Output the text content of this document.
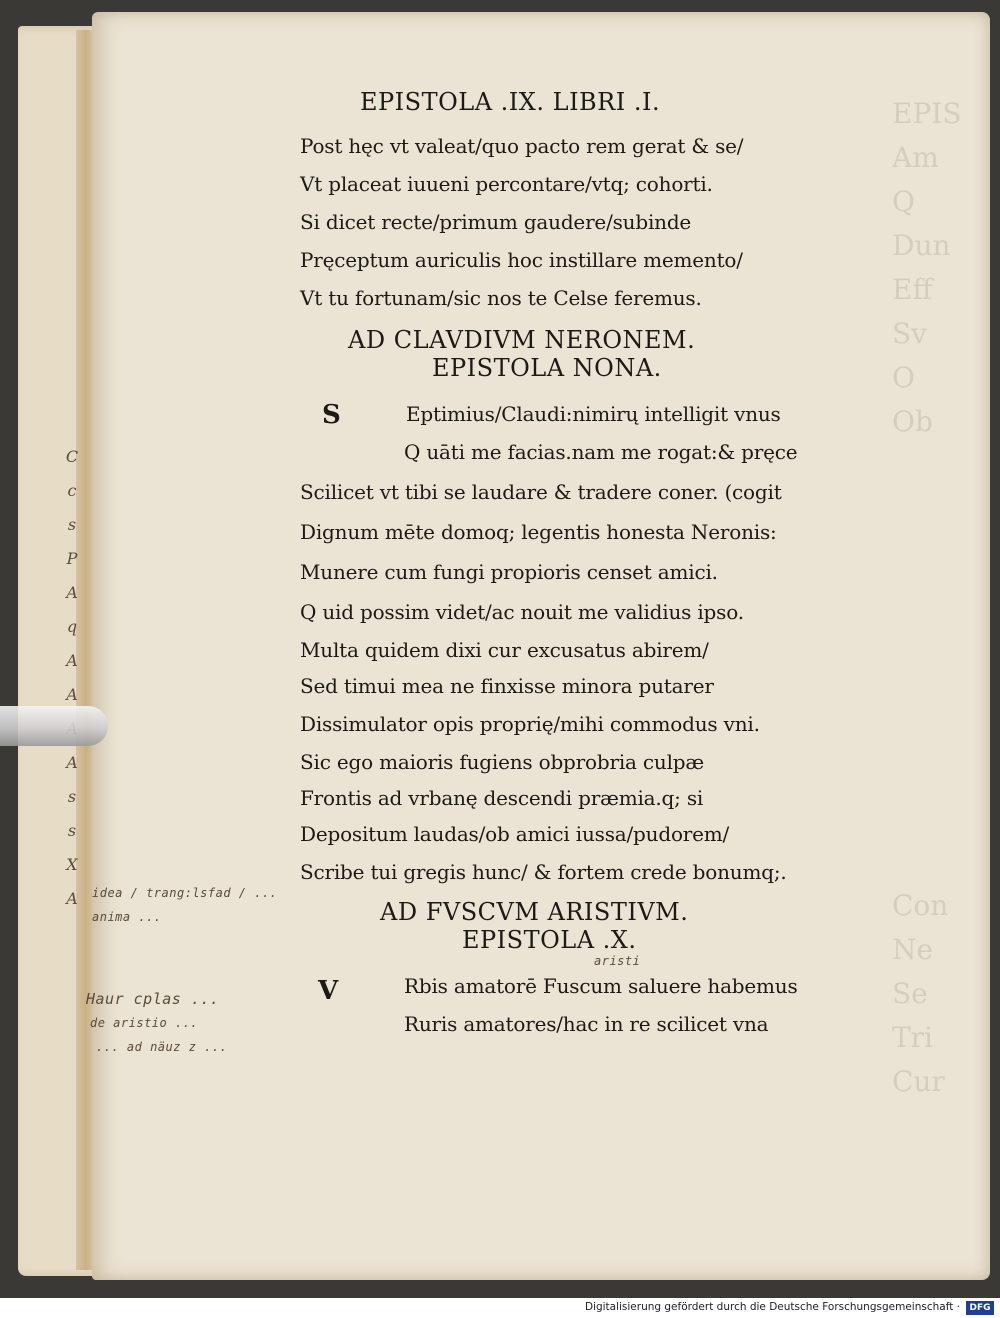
EPIS
Am
Q
Dun
Eff
Sv
O
Ob

Con
Ne
Se
Tri
Cur
C
c
s
P
A
q
A
A
A
s
s
X
A
EPISTOLA .IX. LIBRI .I.
Post hęc vt valeat/quo pacto rem gerat & se/
Vt placeat iuueni percontare/vtq; cohorti.
Si dicet recte/primum gaudere/subinde
Pręceptum auriculis hoc instillare memento/
Vt tu fortunam/sic nos te Celse feremus.
AD CLAVDIVM NERONEM.
EPISTOLA NONA.
S	Eptimius/Claudi:nimirų intelligit vnus
Q uāti me facias.nam me rogat:& pręce
Scilicet vt tibi se laudare & tradere coner. (cogit
Dignum mēte domoq; legentis honesta Neronis:
Munere cum fungi propioris censet amici.
Q uid possim videt/ac nouit me validius ipso.
Multa quidem dixi cur excusatus abirem/
Sed timui mea ne finxisse minora putarer
Dissimulator opis proprię/mihi commodus vni.
Sic ego maioris fugiens obprobria culpæ
Frontis ad vrbanę descendi præmia.q; si
Depositum laudas/ob amici iussa/pudorem/
Scribe tui gregis hunc/ & fortem crede bonumq;.
AD FVSCVM ARISTIVM.
EPISTOLA .X.
V	Rbis amatorē Fuscum saluere habemus
Ruris amatores/hac in re scilicet vna
idea / trang:lsfad / ...
anima ...
aristi
Haur cplas ...
de aristio ...
... ad näuz z ...
Digitalisierung gefördert durch die Deutsche Forschungsgemeinschaft ·	DFG
